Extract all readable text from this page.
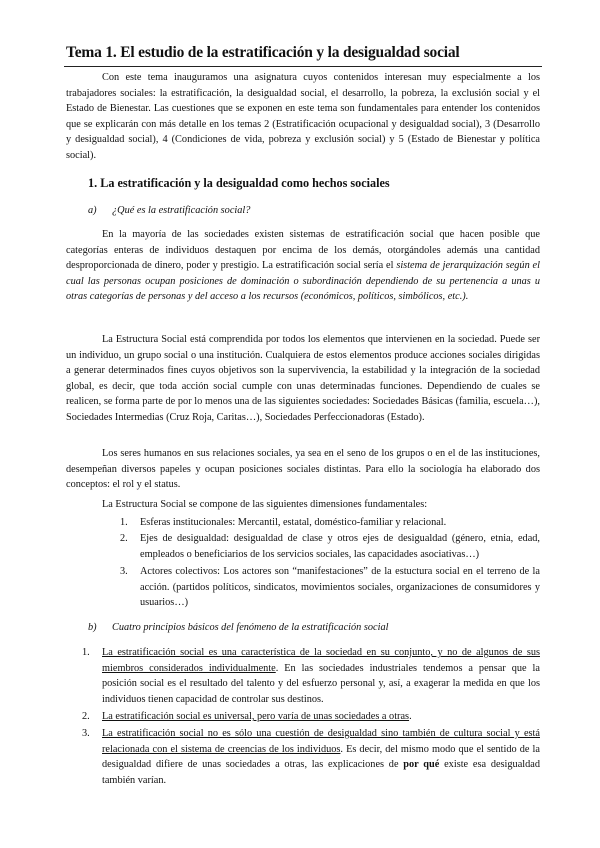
Tema 1. El estudio de la estratificación y la desigualdad social
Con este tema inauguramos una asignatura cuyos contenidos interesan muy especialmente a los trabajadores sociales: la estratificación, la desigualdad social, el desarrollo, la pobreza, la exclusión social y el Estado de Bienestar. Las cuestiones que se exponen en este tema son fundamentales para entender los contenidos que se explicarán con más detalle en los temas 2 (Estratificación ocupacional y desigualdad social), 3 (Desarrollo y desigualdad social), 4 (Condiciones de vida, pobreza y exclusión social) y 5 (Estado de Bienestar y política social).
1. La estratificación y la desigualdad como hechos sociales
a) ¿Qué es la estratificación social?
En la mayoría de las sociedades existen sistemas de estratificación social que hacen posible que categorías enteras de individuos destaquen por encima de los demás, otorgándoles además una cantidad desproporcionada de dinero, poder y prestigio. La estratificación social sería el sistema de jerarquización según el cual las personas ocupan posiciones de dominación o subordinación dependiendo de su pertenencia a unas u otras categorías de personas y del acceso a los recursos (económicos, políticos, simbólicos, etc.).
La Estructura Social está comprendida por todos los elementos que intervienen en la sociedad. Puede ser un individuo, un grupo social o una institución. Cualquiera de estos elementos produce acciones sociales dirigidas a generar determinados fines cuyos objetivos son la supervivencia, la estabilidad y la integración de la sociedad global, es decir, que toda acción social cumple con unas determinadas funciones. Dependiendo de cuales se realicen, se forma parte de por lo menos una de las siguientes sociedades: Sociedades Básicas (familia, escuela…), Sociedades Intermedias (Cruz Roja, Caritas…), Sociedades Perfeccionadoras (Estado).
Los seres humanos en sus relaciones sociales, ya sea en el seno de los grupos o en el de las instituciones, desempeñan diversos papeles y ocupan posiciones sociales distintas. Para ello la sociología ha elaborado dos conceptos: el rol y el status.
La Estructura Social se compone de las siguientes dimensiones fundamentales:
1. Esferas institucionales: Mercantil, estatal, doméstico-familiar y relacional.
2. Ejes de desigualdad: desigualdad de clase y otros ejes de desigualdad (género, etnia, edad, empleados o beneficiarios de los servicios sociales, las capacidades asociativas…)
3. Actores colectivos: Los actores son “manifestaciones” de la estuctura social en el terreno de la acción. (partidos políticos, sindicatos, movimientos sociales, organizaciones de consumidores y usuarios…)
b) Cuatro principios básicos del fenómeno de la estratificación social
1. La estratificación social es una característica de la sociedad en su conjunto, y no de algunos de sus miembros considerados individualmente. En las sociedades industriales tendemos a pensar que la posición social es el resultado del talento y del esfuerzo personal y, así, a exagerar la medida en que los individuos tienen capacidad de controlar sus destinos.
2. La estratificación social es universal, pero varía de unas sociedades a otras.
3. La estratificación social no es sólo una cuestión de desigualdad sino también de cultura social y está relacionada con el sistema de creencias de los individuos. Es decir, del mismo modo que el sentido de la desigualdad difiere de unas sociedades a otras, las explicaciones de por qué existe esa desigualdad también varían.
